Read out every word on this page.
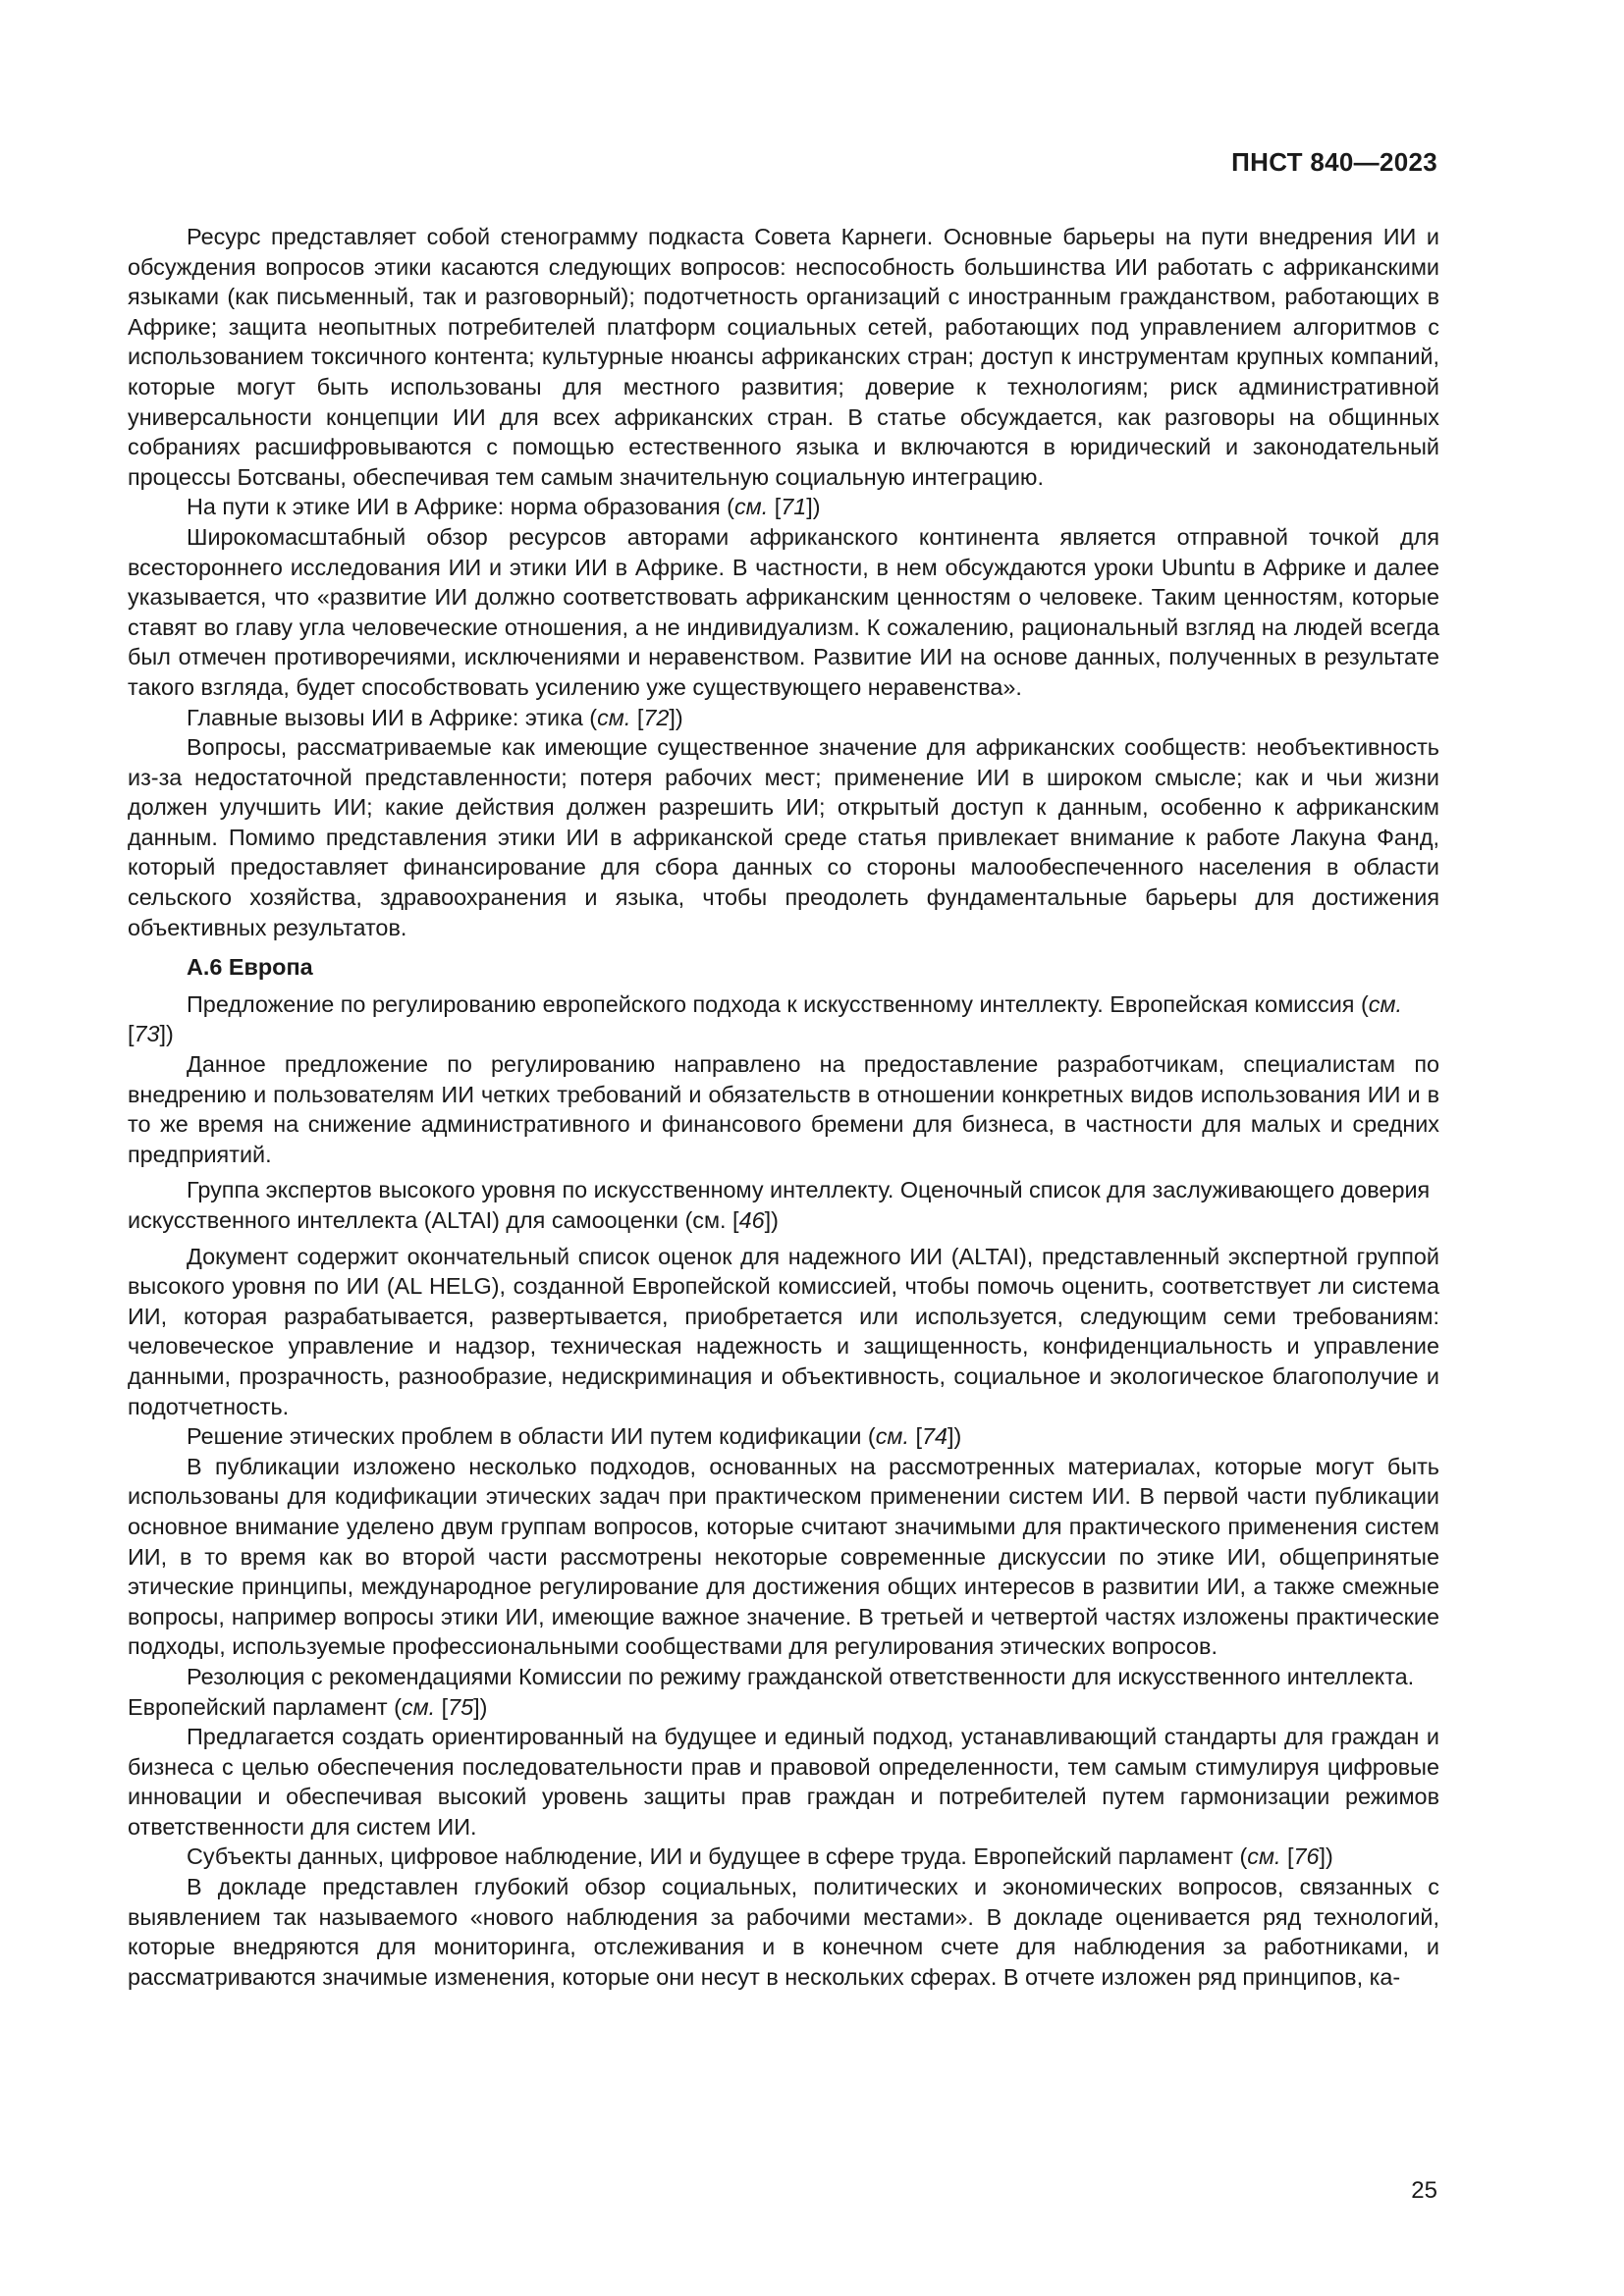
ПНСТ 840—2023

Ресурс представляет собой стенограмму подкаста Совета Карнеги. Основные барьеры на пути внедрения ИИ и обсуждения вопросов этики касаются следующих вопросов: неспособность большинства ИИ работать с африканскими языками (как письменный, так и разговорный); подотчетность организаций с иностранным гражданством, работающих в Африке; защита неопытных потребителей платформ социальных сетей, работающих под управлением алгоритмов с использованием токсичного контента; культурные нюансы африканских стран; доступ к инструментам крупных компаний, которые могут быть использованы для местного развития; доверие к технологиям; риск административной универсальности концепции ИИ для всех африканских стран. В статье обсуждается, как разговоры на общинных собраниях расшифровываются с помощью естественного языка и включаются в юридический и законодательный процессы Ботсваны, обеспечивая тем самым значительную социальную интеграцию.

На пути к этике ИИ в Африке: норма образования (см. [71])

Широкомасштабный обзор ресурсов авторами африканского континента является отправной точкой для всестороннего исследования ИИ и этики ИИ в Африке. В частности, в нем обсуждаются уроки Ubuntu в Африке и далее указывается, что «развитие ИИ должно соответствовать африканским ценностям о человеке. Таким ценностям, которые ставят во главу угла человеческие отношения, а не индивидуализм. К сожалению, рациональный взгляд на людей всегда был отмечен противоречиями, исключениями и неравенством. Развитие ИИ на основе данных, полученных в результате такого взгляда, будет способствовать усилению уже существующего неравенства».

Главные вызовы ИИ в Африке: этика (см. [72])

Вопросы, рассматриваемые как имеющие существенное значение для африканских сообществ: необъективность из-за недостаточной представленности; потеря рабочих мест; применение ИИ в широком смысле; как и чьи жизни должен улучшить ИИ; какие действия должен разрешить ИИ; открытый доступ к данным, особенно к африканским данным. Помимо представления этики ИИ в африканской среде статья привлекает внимание к работе Лакуна Фанд, который предоставляет финансирование для сбора данных со стороны малообеспеченного населения в области сельского хозяйства, здравоохранения и языка, чтобы преодолеть фундаментальные барьеры для достижения объективных результатов.

А.6 Европа

Предложение по регулированию европейского подхода к искусственному интеллекту. Европейская комиссия (см. [73])

Данное предложение по регулированию направлено на предоставление разработчикам, специалистам по внедрению и пользователям ИИ четких требований и обязательств в отношении конкретных видов использования ИИ и в то же время на снижение административного и финансового бремени для бизнеса, в частности для малых и средних предприятий.

Группа экспертов высокого уровня по искусственному интеллекту. Оценочный список для заслуживающего доверия искусственного интеллекта (ALTAI) для самооценки (см. [46])

Документ содержит окончательный список оценок для надежного ИИ (ALTAI), представленный экспертной группой высокого уровня по ИИ (AL HELG), созданной Европейской комиссией, чтобы помочь оценить, соответствует ли система ИИ, которая разрабатывается, развертывается, приобретается или используется, следующим семи требованиям: человеческое управление и надзор, техническая надежность и защищенность, конфиденциальность и управление данными, прозрачность, разнообразие, недискриминация и объективность, социальное и экологическое благополучие и подотчетность.

Решение этических проблем в области ИИ путем кодификации (см. [74])

В публикации изложено несколько подходов, основанных на рассмотренных материалах, которые могут быть использованы для кодификации этических задач при практическом применении систем ИИ. В первой части публикации основное внимание уделено двум группам вопросов, которые считают значимыми для практического применения систем ИИ, в то время как во второй части рассмотрены некоторые современные дискуссии по этике ИИ, общепринятые этические принципы, международное регулирование для достижения общих интересов в развитии ИИ, а также смежные вопросы, например вопросы этики ИИ, имеющие важное значение. В третьей и четвертой частях изложены практические подходы, используемые профессиональными сообществами для регулирования этических вопросов.

Резолюция с рекомендациями Комиссии по режиму гражданской ответственности для искусственного интеллекта. Европейский парламент (см. [75])

Предлагается создать ориентированный на будущее и единый подход, устанавливающий стандарты для граждан и бизнеса с целью обеспечения последовательности прав и правовой определенности, тем самым стимулируя цифровые инновации и обеспечивая высокий уровень защиты прав граждан и потребителей путем гармонизации режимов ответственности для систем ИИ.

Субъекты данных, цифровое наблюдение, ИИ и будущее в сфере труда. Европейский парламент (см. [76])

В докладе представлен глубокий обзор социальных, политических и экономических вопросов, связанных с выявлением так называемого «нового наблюдения за рабочими местами». В докладе оценивается ряд технологий, которые внедряются для мониторинга, отслеживания и в конечном счете для наблюдения за работниками, и рассматриваются значимые изменения, которые они несут в нескольких сферах. В отчете изложен ряд принципов, ка-

25
